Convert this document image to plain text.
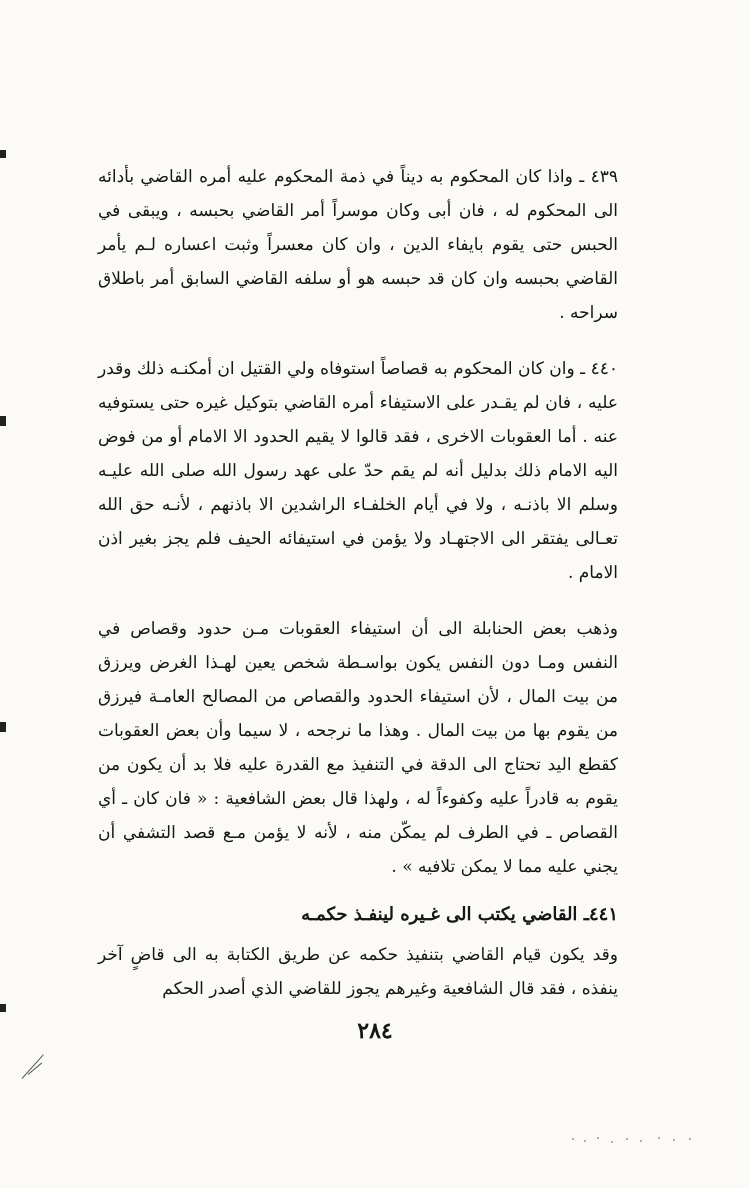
٤٣٩ ـ واذا كان المحكوم به ديناً في ذمة المحكوم عليه أمره القاضي بأدائه الى المحكوم له ، فان أبى وكان موسراً أمر القاضي بحبسه ، ويبقى في الحبس حتى يقوم بايفاء الدين ، وان كان معسراً وثبت اعساره لـم يأمر القاضي بحبسه وان كان قد حبسه هو أو سلفه القاضي السابق أمر باطلاق سراحه .

٤٤٠ ـ وان كان المحكوم به قصاصاً استوفاه ولي القتيل ان أمكنـه ذلك وقدر عليه ، فان لم يقـدر على الاستيفاء أمره القاضي بتوكيل غيره حتى يستوفيه عنه . أما العقوبات الاخرى ، فقد قالوا لا يقيم الحدود الا الامام أو من فوض اليه الامام ذلك بدليل أنه لم يقم حدّ على عهد رسول الله صلى الله عليـه وسلم الا باذنـه ، ولا في أيام الخلفـاء الراشدين الا باذنهم ، لأنـه حق الله تعـالى يفتقر الى الاجتهـاد ولا يؤمن في استيفائه الحيف فلم يجز بغير اذن الامام .

وذهب بعض الحنابلة الى أن استيفاء العقوبات مـن حدود وقصاص في النفس ومـا دون النفس يكون بواسـطة شخص يعين لهـذا الغرض ويرزق من بيت المال ، لأن استيفاء الحدود والقصاص من المصالح العامـة فيرزق من يقوم بها من بيت المال . وهذا ما نرجحه ، لا سيما وأن بعض العقوبات كقطع اليد تحتاج الى الدقة في التنفيذ مع القدرة عليه فلا بد أن يكون من يقوم به قادراً عليه وكفوءاً له ، ولهذا قال بعض الشافعية : « فان كان ـ أي القصاص ـ في الطرف لم يمكّن منه ، لأنه لا يؤمن مـع قصد التشفي أن يجني عليه مما لا يمكن تلافيه » .

٤٤١ـ القاضي يكتب الى غـيره لينفـذ حكمـه

وقد يكون قيام القاضي بتنفيذ حكمه عن طريق الكتابة به الى قاضٍ آخر ينفذه ، فقد قال الشافعية وغيرهم يجوز للقاضي الذي أصدر الحكم

٢٨٤
